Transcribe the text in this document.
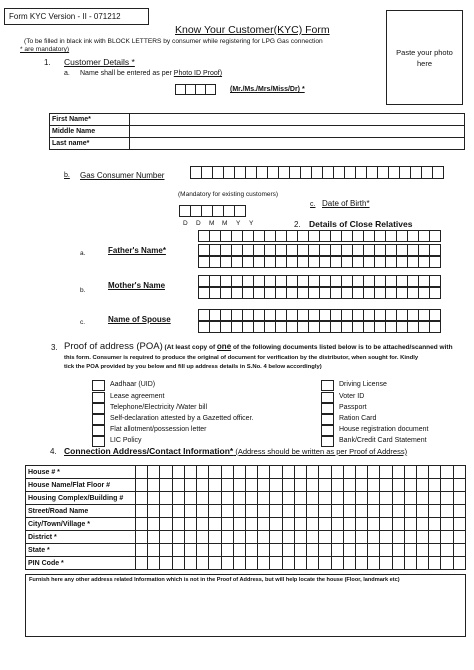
Form KYC Version - II - 071212
Know Your Customer(KYC) Form
(To be filled in black ink with BLOCK LETTERS by consumer while registering for LPG Gas connection
* are mandatory)	Paste your photo
here
1. Customer Details *
a. Name shall be entered as per Photo ID Proof)
(Mr./Ms./Mrs/Miss/Dr) *
First Name*	
Middle Name	
Last name*	
b. Gas Consumer Number
(Mandatory for existing customers)
c. Date of Birth*
D D M M Y Y	2. Details of Close Relatives
a.	Father's Name*
b.
Mother's Name
c.	Name of Spouse
3. Proof of address (POA) (At least copy of one of the following documents listed below is to be attached/scanned with
this form. Consumer is required to produce the original of document for verification by the distributor, when sought for. Kindly
tick the POA provided by you below and fill up address details in S.No. 4 below accordingly)
Aadhaar (UID)
Lease agreement
Telephone/Electricity /Water bill
Self-declaration attested by a Gazetted officer.
Flat allotment/possession letter
LIC Policy
Driving License
Voter ID
Passport
Ration Card
House registration document
Bank/Credit Card Statement
4. Connection Address/Contact Information* (Address should be written as per Proof of Address)
House # *																											
House Name/Flat Floor #																											
Housing Complex/Building #																											
Street/Road Name																											
City/Town/Village *																											
District *																											
State *																											
PIN Code *																											
Furnish here any other address related Information which is not in the Proof of Address, but will help locate the house (Floor, landmark etc)
